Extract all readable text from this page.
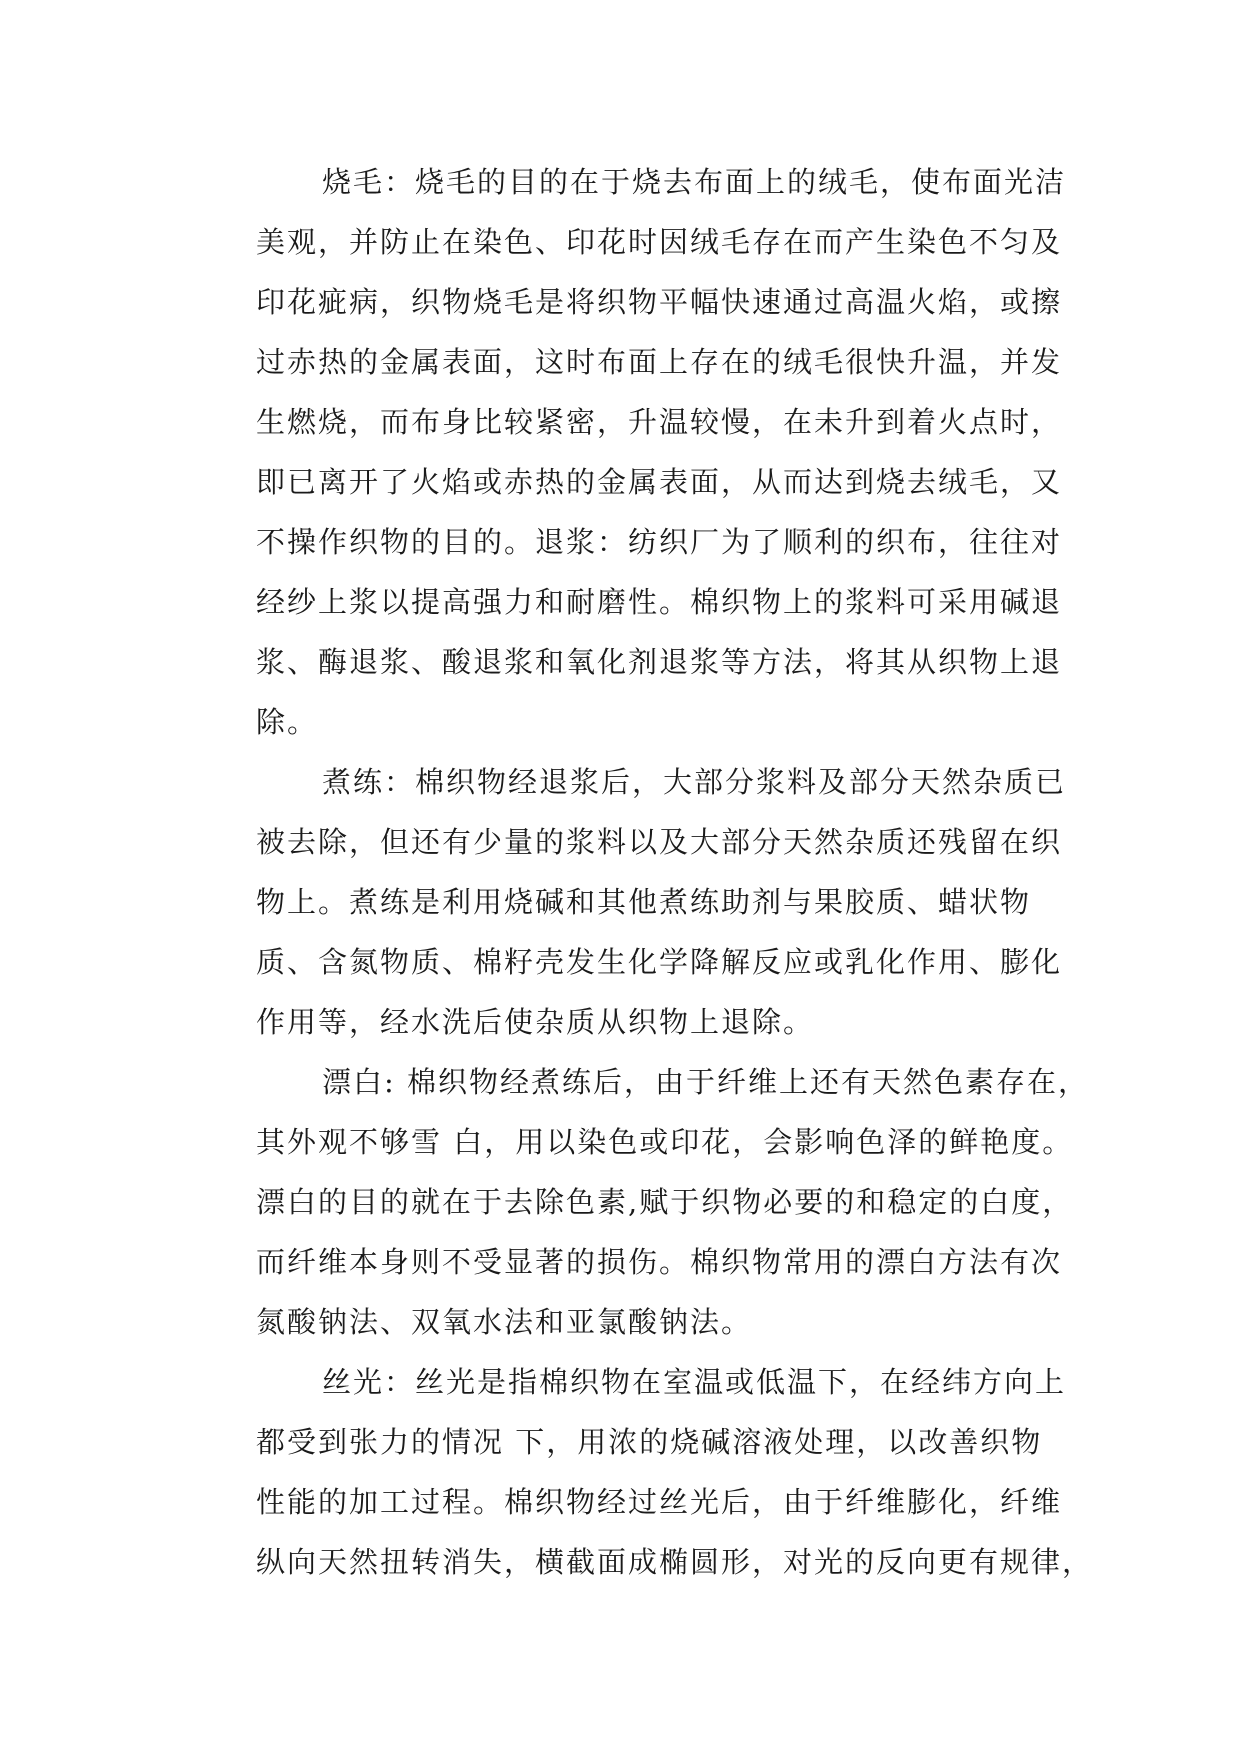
烧毛：烧毛的目的在于烧去布面上的绒毛，使布面光洁
美观，并防止在染色、印花时因绒毛存在而产生染色不匀及
印花疵病，织物烧毛是将织物平幅快速通过高温火焰，或擦
过赤热的金属表面，这时布面上存在的绒毛很快升温，并发
生燃烧，而布身比较紧密，升温较慢，在未升到着火点时，
即已离开了火焰或赤热的金属表面，从而达到烧去绒毛，又
不操作织物的目的。退浆：纺织厂为了顺利的织布，往往对
经纱上浆以提高强力和耐磨性。棉织物上的浆料可采用碱退
浆、酶退浆、酸退浆和氧化剂退浆等方法，将其从织物上退
除。
煮练：棉织物经退浆后，大部分浆料及部分天然杂质已
被去除，但还有少量的浆料以及大部分天然杂质还残留在织
物上。煮练是利用烧碱和其他煮练助剂与果胶质、蜡状物
质、含氮物质、棉籽壳发生化学降解反应或乳化作用、膨化
作用等，经水洗后使杂质从织物上退除。
漂白: 棉织物经煮练后，由于纤维上还有天然色素存在，
其外观不够雪 白，用以染色或印花，会影响色泽的鲜艳度。
漂白的目的就在于去除色素,赋于织物必要的和稳定的白度，
而纤维本身则不受显著的损伤。棉织物常用的漂白方法有次
氮酸钠法、双氧水法和亚氯酸钠法。
丝光：丝光是指棉织物在室温或低温下，在经纬方向上
都受到张力的情况 下，用浓的烧碱溶液处理，以改善织物
性能的加工过程。棉织物经过丝光后，由于纤维膨化，纤维
纵向天然扭转消失，横截面成椭圆形，对光的反向更有规律，
